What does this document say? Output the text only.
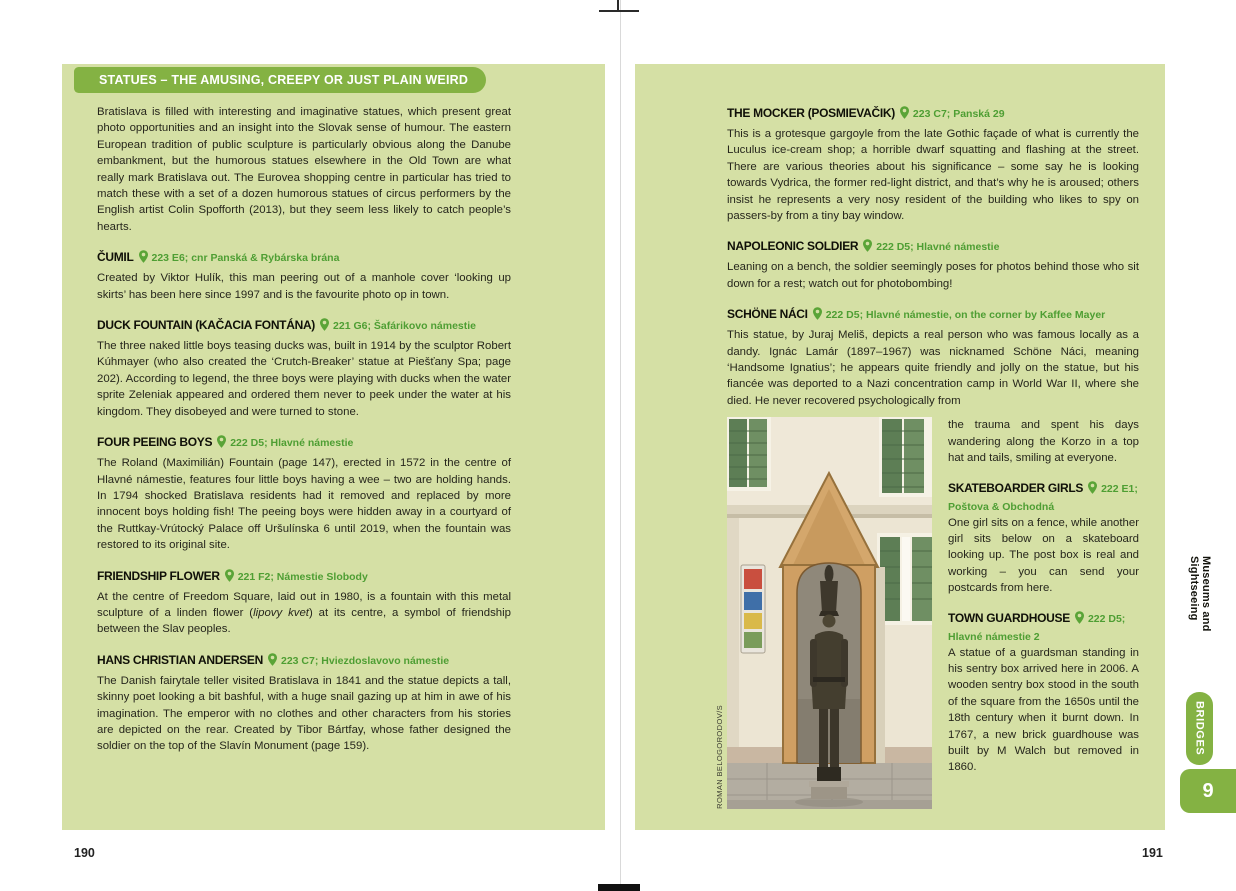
STATUES – THE AMUSING, CREEPY OR JUST PLAIN WEIRD

Bratislava is filled with interesting and imaginative statues, which present great photo opportunities and an insight into the Slovak sense of humour. The eastern European tradition of public sculpture is particularly obvious along the Danube embankment, but the humorous statues elsewhere in the Old Town are what really mark Bratislava out. The Eurovea shopping centre in particular has tried to match these with a set of a dozen humorous statues of circus performers by the English artist Colin Spofforth (2013), but they seem less likely to catch people’s hearts.

ČUMIL 223 E6; cnr Panská & Rybárska brána

Created by Viktor Hulík, this man peering out of a manhole cover ‘looking up skirts’ has been here since 1997 and is the favourite photo op in town.

DUCK FOUNTAIN (KAČACIA FONTÁNA) 221 G6; Šafárikovo námestie

The three naked little boys teasing ducks was, built in 1914 by the sculptor Robert Kúhmayer (who also created the ‘Crutch-Breaker’ statue at Piešťany Spa; page 202). According to legend, the three boys were playing with ducks when the water sprite Zeleniak appeared and ordered them never to peek under the water at his kingdom. They disobeyed and were turned to stone.

FOUR PEEING BOYS 222 D5; Hlavné námestie

The Roland (Maximilián) Fountain (page 147), erected in 1572 in the centre of Hlavné námestie, features four little boys having a wee – two are holding hands. In 1794 shocked Bratislava residents had it removed and replaced by more innocent boys holding fish! The peeing boys were hidden away in a courtyard of the Ruttkay-Vrútocký Palace off Uršulínska 6 until 2019, when the fountain was restored to its original site.

FRIENDSHIP FLOWER 221 F2; Námestie Slobody

At the centre of Freedom Square, laid out in 1980, is a fountain with this metal sculpture of a linden flower (lipovy kvet) at its centre, a symbol of friendship between the Slav peoples.

HANS CHRISTIAN ANDERSEN 223 C7; Hviezdoslavovo námestie

The Danish fairytale teller visited Bratislava in 1841 and the statue depicts a tall, skinny poet looking a bit bashful, with a huge snail gazing up at him in awe of his imagination. The emperor with no clothes and other characters from his stories are depicted on the rear. Created by Tibor Bártfay, whose father designed the soldier on the top of the Slavín Monument (page 159).

THE MOCKER (POSMIEVAČIK) 223 C7; Panská 29

This is a grotesque gargoyle from the late Gothic façade of what is currently the Luculus ice-cream shop; a horrible dwarf squatting and flashing at the street. There are various theories about his significance – some say he is looking towards Vydrica, the former red-light district, and that’s why he is aroused; others insist he represents a very nosy resident of the building who likes to spy on passers-by from a tiny bay window.

NAPOLEONIC SOLDIER 222 D5; Hlavné námestie

Leaning on a bench, the soldier seemingly poses for photos behind those who sit down for a rest; watch out for photobombing!

SCHÖNE NÁCI 222 D5; Hlavné námestie, on the corner by Kaffee Mayer

This statue, by Juraj Meliš, depicts a real person who was famous locally as a dandy. Ignác Lamár (1897–1967) was nicknamed Schöne Náci, meaning ‘Handsome Ignatius’; he appears quite friendly and jolly on the statue, but his fiancée was deported to a Nazi concentration camp in World War II, where she died. He never recovered psychologically from

ROMAN BELOGORODOV/S

the trauma and spent his days wandering along the Korzo in a top hat and tails, smiling at everyone.

SKATEBOARDER GIRLS 222 E1;
Poštova & Obchodná

One girl sits on a fence, while another girl sits below on a skateboard looking up. The post box is real and working – you can send your postcards from here.

TOWN GUARDHOUSE 222 D5;
Hlavné námestie 2

A statue of a guardsman standing in his sentry box arrived here in 2006. A wooden sentry box stood in the south of the square from the 1650s until the 18th century when it burnt down. In 1767, a new brick guardhouse was built by M Walch but removed in 1860.

190	191
Museums and Sightseeing
BRIDGES
9
